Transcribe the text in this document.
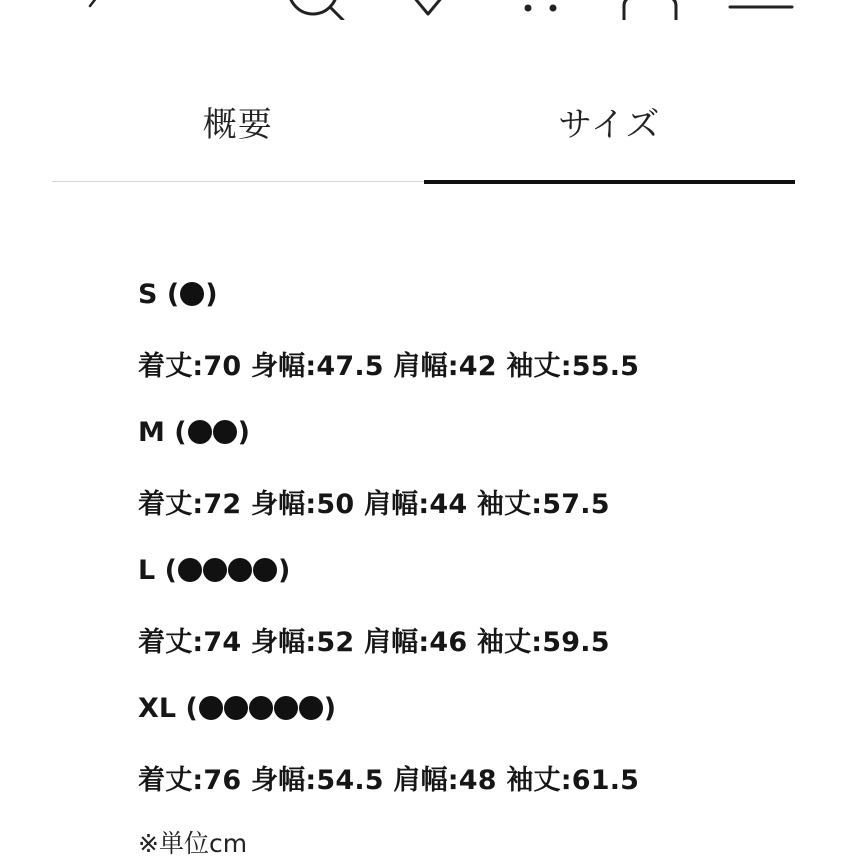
概要	サイズ
S
( )
着丈:70 身幅:47.5 肩幅:42 袖丈:55.5
M
( )
着丈:72 身幅:50 肩幅:44 袖丈:57.5
L
(	)
着丈:74 身幅:52 肩幅:46 袖丈:59.5
XL
(	)
着丈:76 身幅:54.5 肩幅:48 袖丈:61.5
※単位cm
